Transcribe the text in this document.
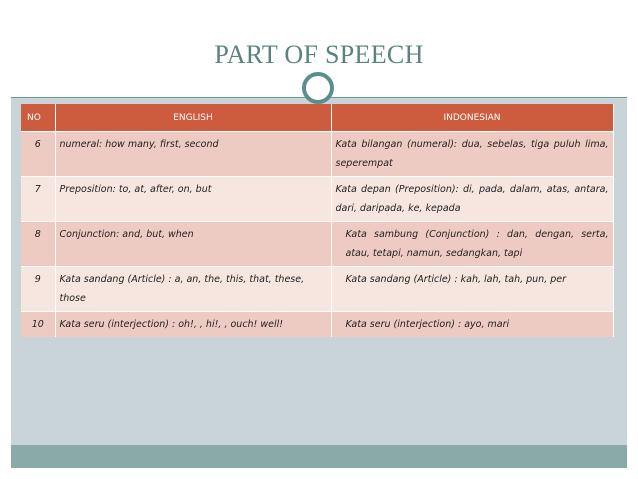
PART OF SPEECH
NO	ENGLISH	INDONESIAN
6	numeral: how many, first, second	Kata bilangan (numeral): dua, sebelas, tiga puluh lima, seperempat
7	Preposition: to, at, after, on, but	Kata depan (Preposition): di, pada, dalam, atas, antara, dari, daripada, ke, kepada
8	Conjunction: and, but, when	Kata sambung (Conjunction) : dan, dengan, serta, atau, tetapi, namun, sedangkan, tapi
9	Kata sandang (Article) : a, an, the, this, that, these, those	Kata sandang (Article) : kah, lah, tah, pun, per
10	Kata seru (interjection) : oh!, , hi!, , ouch! well!	Kata seru (interjection) : ayo, mari
